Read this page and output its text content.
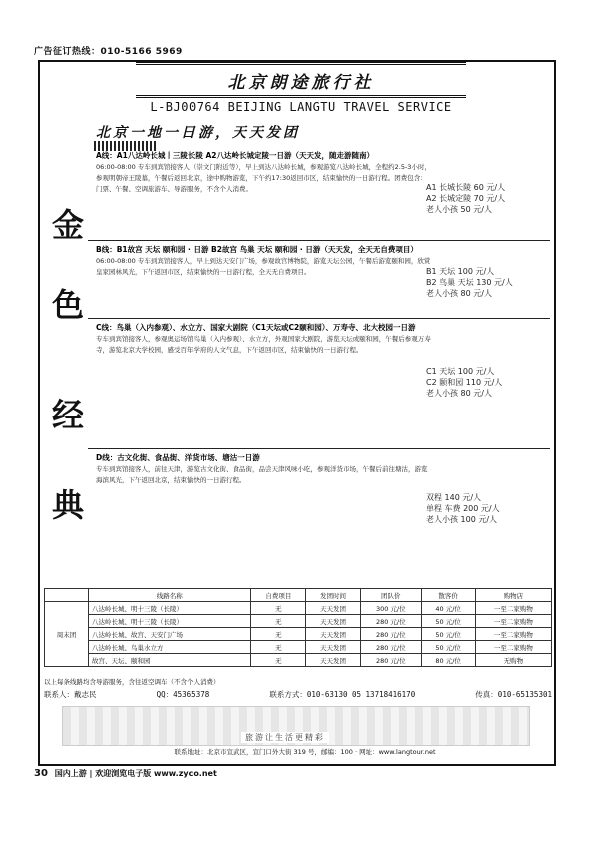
广告征订热线：010-5166 5969
北京朗途旅行社
L-BJ00764 BEIJING LANGTU TRAVEL SERVICE
北京一地一日游，天天发团
金
色
经
典
A线：A1八达岭长城丨三陵长陵 A2八达岭长城定陵一日游（天天发，随走游随南）
06:00-08:00 专车到宾馆接客人（崇文门附近等），早上到达八达岭长城，参观游览八达岭长城，全程约2.5-3小时，参观明朝帝王陵墓，午餐后返回北京，途中购物游览，下午约17:30返回市区，结束愉快的一日游行程。团费包含：门票、午餐、空调旅游车、导游服务，不含个人消费。	A1 长城长陵 60 元/人
A2 长城定陵 70 元/人
老人小孩 50 元/人
B线：B1故宫 天坛 颐和园 · 日游 B2故宫 鸟巢 天坛 颐和园 · 日游（天天发，全天无自费项目）
06:00-08:00 专车到宾馆接客人，早上到达天安门广场，参观故宫博物院，游览天坛公园，午餐后游览颐和园，欣赏皇家园林风光，下午返回市区，结束愉快的一日游行程，全天无自费项目。	B1 天坛 100 元/人
B2 鸟巢 天坛 130 元/人
老人小孩 80 元/人
C线：鸟巢（入内参观）、水立方、国家大剧院（C1天坛或C2颐和园）、万寿寺、北大校园一日游
专车到宾馆接客人，参观奥运场馆鸟巢（入内参观）、水立方，外观国家大剧院，游览天坛或颐和园，午餐后参观万寿寺，游览北京大学校园，感受百年学府的人文气息，下午返回市区，结束愉快的一日游行程。
C1 天坛 100 元/人
C2 颐和园 110 元/人
老人小孩 80 元/人
D线：古文化街、食品街、洋货市场、塘沽一日游
专车到宾馆接客人，前往天津，游览古文化街、食品街，品尝天津风味小吃，参观洋货市场，午餐后前往塘沽，游览海滨风光，下午返回北京，结束愉快的一日游行程。
双程 140 元/人
单程 车费 200 元/人
老人小孩 100 元/人
	线路名称	自费项目	发团时间	团队价	散客价	购物店
周末团	八达岭长城、明十三陵（长陵）	无	天天发团	300 元/位	40 元/位	一至二家购物
	八达岭长城、明十三陵（长陵）	无	天天发团	280 元/位	50 元/位	一至二家购物
	八达岭长城、故宫、天安门广场	无	天天发团	280 元/位	50 元/位	一至二家购物
	八达岭长城、鸟巢水立方	无	天天发团	280 元/位	50 元/位	一至二家购物
	故宫、天坛、颐和园	无	天天发团	280 元/位	80 元/位	无购物
以上每条线路均含导游服务，含往返空调车（不含个人消费）
联系人：戴志民	QQ：45365378	联系方式：010-63130 05 13718416170	传真：010-65135301
旅游让生活更精彩
联系地址：北京市宣武区，宣门口外大街 319 号，邮编：100 · 网址：www.langtour.net
30 国内上游 | 欢迎浏览电子版 www.zyco.net
